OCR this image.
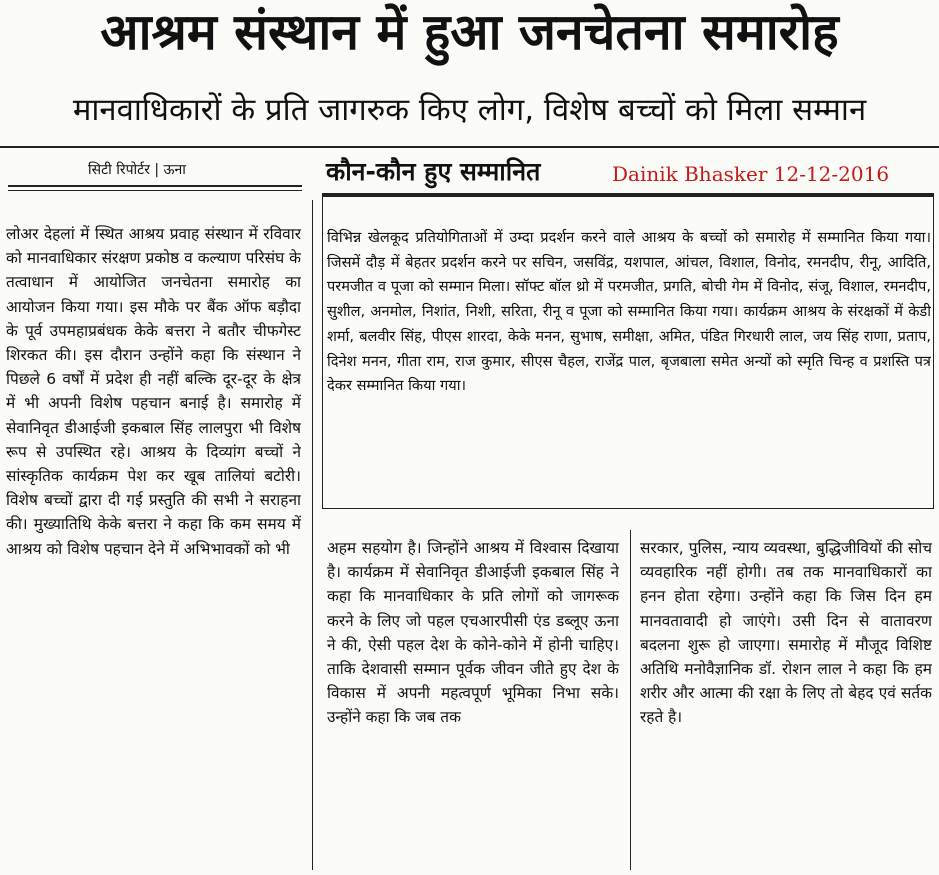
आश्रम संस्थान में हुआ जनचेतना समारोह
मानवाधिकारों के प्रति जागरुक किए लोग, विशेष बच्चों को मिला सम्मान
सिटी रिपोर्टर | ऊना	कौन-कौन हुए सम्मानित	Dainik Bhasker 12-12-2016

लोअर देहलां में स्थित आश्रय प्रवाह संस्थान में रविवार को मानवाधिकार संरक्षण प्रकोष्ठ व कल्याण परिसंघ के तत्वाधान में आयोजित जनचेतना समारोह का आयोजन किया गया। इस मौके पर बैंक ऑफ बड़ौदा के पूर्व उपमहाप्रबंधक केके बत्तरा ने बतौर चीफगेस्ट शिरकत की। इस दौरान उन्होंने कहा कि संस्थान ने पिछले 6 वर्षों में प्रदेश ही नहीं बल्कि दूर-दूर के क्षेत्र में भी अपनी विशेष पहचान बनाई है। समारोह में सेवानिवृत डीआईजी इकबाल सिंह लालपुरा भी विशेष रूप से उपस्थित रहे। आश्रय के दिव्यांग बच्चों ने सांस्कृतिक कार्यक्रम पेश कर खूब तालियां बटोरी। विशेष बच्चों द्वारा दी गई प्रस्तुति की सभी ने सराहना की। मुख्यातिथि केके बत्तरा ने कहा कि कम समय में आश्रय को विशेष पहचान देने में अभिभावकों को भी

विभिन्न खेलकूद प्रतियोगिताओं में उम्दा प्रदर्शन करने वाले आश्रय के बच्चों को समारोह में सम्मानित किया गया। जिसमें दौड़ में बेहतर प्रदर्शन करने पर सचिन, जसविंद्र, यशपाल, आंचल, विशाल, विनोद, रमनदीप, रीनू, आदिति, परमजीत व पूजा को सम्मान मिला। सॉफ्ट बॉल थ्रो में परमजीत, प्रगति, बोची गेम में विनोद, संजू, विशाल, रमनदीप, सुशील, अनमोल, निशांत, निशी, सरिता, रीनू व पूजा को सम्मानित किया गया। कार्यक्रम आश्रय के संरक्षकों में केडी शर्मा, बलवीर सिंह, पीएस शारदा, केके मनन, सुभाष, समीक्षा, अमित, पंडित गिरधारी लाल, जय सिंह राणा, प्रताप, दिनेश मनन, गीता राम, राज कुमार, सीएस चैहल, राजेंद्र पाल, बृजबाला समेत अन्यों को स्मृति चिन्ह व प्रशस्ति पत्र देकर सम्मानित किया गया।

अहम सहयोग है। जिन्होंने आश्रय में विश्वास दिखाया है। कार्यक्रम में सेवानिवृत डीआईजी इकबाल सिंह ने कहा कि मानवाधिकार के प्रति लोगों को जागरूक करने के लिए जो पहल एचआरपीसी एंड डब्लूए ऊना ने की, ऐसी पहल देश के कोने-कोने में होनी चाहिए। ताकि देशवासी सम्मान पूर्वक जीवन जीते हुए देश के विकास में अपनी महत्वपूर्ण भूमिका निभा सके। उन्होंने कहा कि जब तक

सरकार, पुलिस, न्याय व्यवस्था, बुद्धिजीवियों की सोच व्यवहारिक नहीं होगी। तब तक मानवाधिकारों का हनन होता रहेगा। उन्होंने कहा कि जिस दिन हम मानवतावादी हो जाएंगे। उसी दिन से वातावरण बदलना शुरू हो जाएगा। समारोह में मौजूद विशिष्ट अतिथि मनोवैज्ञानिक डॉ. रोशन लाल ने कहा कि हम शरीर और आत्मा की रक्षा के लिए तो बेहद एवं सर्तक रहते है।
